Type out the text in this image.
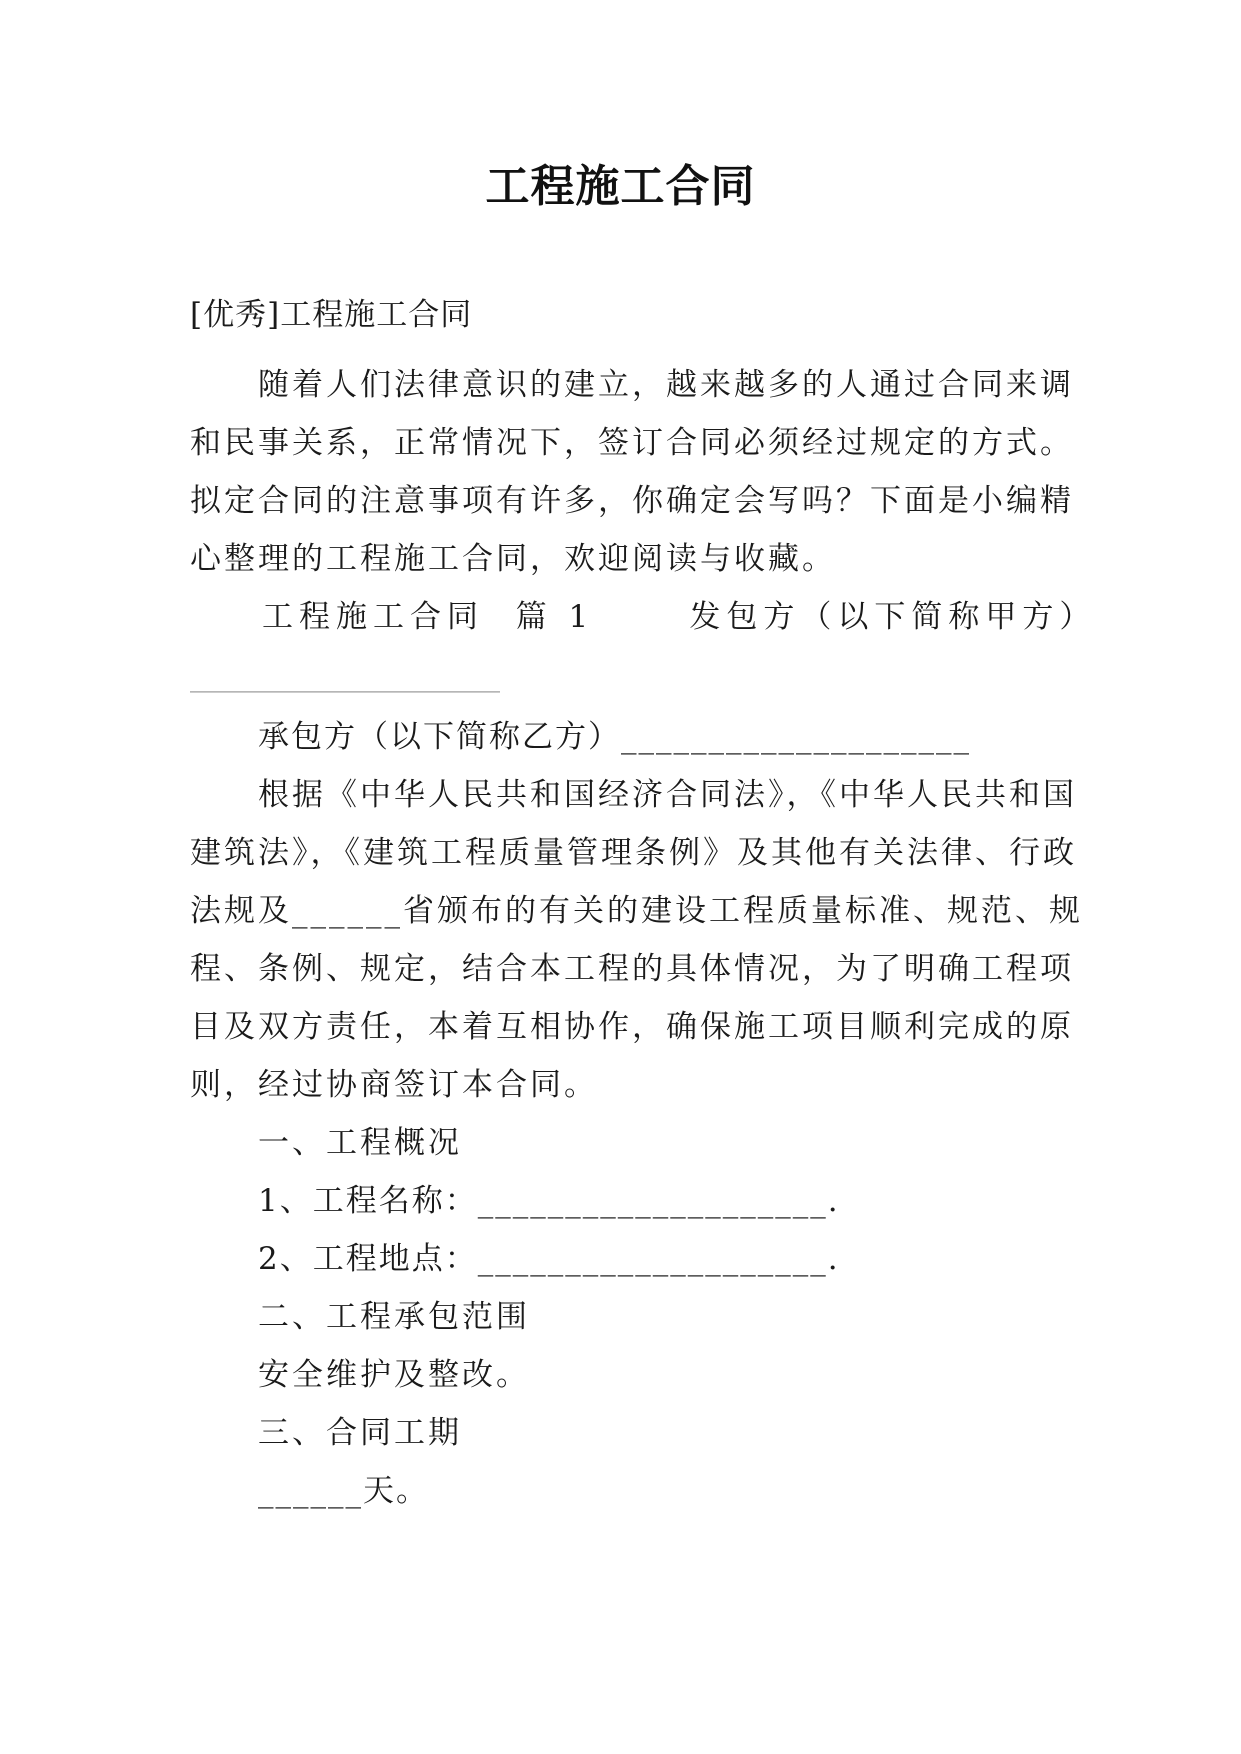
工程施工合同
[优秀]工程施工合同
随着人们法律意识的建立，越来越多的人通过合同来调
和民事关系，正常情况下，签订合同必须经过规定的方式。
拟定合同的注意事项有许多，你确定会写吗？下面是小编精
心整理的工程施工合同，欢迎阅读与收藏。
工程施工合同  篇 1      发包方（以下简称甲方）
____________________
承包方（以下简称乙方）____________________
根据《中华人民共和国经济合同法》，《中华人民共和国
建筑法》，《建筑工程质量管理条例》及其他有关法律、行政
法规及______省颁布的有关的建设工程质量标准、规范、规
程、条例、规定，结合本工程的具体情况，为了明确工程项
目及双方责任，本着互相协作，确保施工项目顺利完成的原
则，经过协商签订本合同。
一、工程概况
1、工程名称：____________________.
2、工程地点：____________________.
二、工程承包范围
安全维护及整改。
三、合同工期
______天。
